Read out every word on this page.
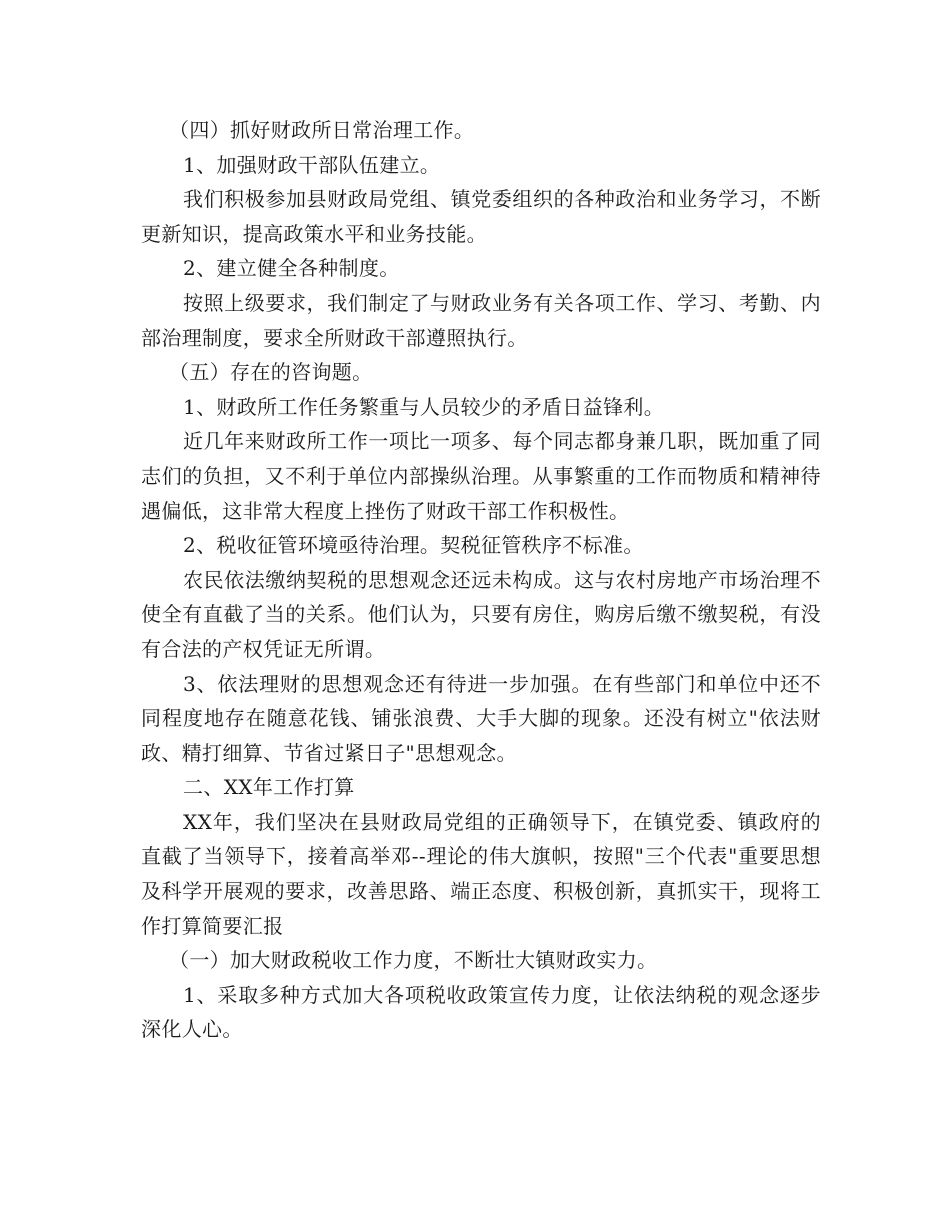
（四）抓好财政所日常治理工作。

1、加强财政干部队伍建立。

我们积极参加县财政局党组、镇党委组织的各种政治和业务学习，不断更新知识，提高政策水平和业务技能。

2、建立健全各种制度。

按照上级要求，我们制定了与财政业务有关各项工作、学习、考勤、内部治理制度，要求全所财政干部遵照执行。

（五）存在的咨询题。

1、财政所工作任务繁重与人员较少的矛盾日益锋利。

近几年来财政所工作一项比一项多、每个同志都身兼几职，既加重了同志们的负担，又不利于单位内部操纵治理。从事繁重的工作而物质和精神待遇偏低，这非常大程度上挫伤了财政干部工作积极性。

2、税收征管环境亟待治理。契税征管秩序不标准。

农民依法缴纳契税的思想观念还远未构成。这与农村房地产市场治理不使全有直截了当的关系。他们认为，只要有房住，购房后缴不缴契税，有没有合法的产权凭证无所谓。

3、依法理财的思想观念还有待进一步加强。在有些部门和单位中还不同程度地存在随意花钱、铺张浪费、大手大脚的现象。还没有树立"依法财政、精打细算、节省过紧日子"思想观念。

二、XX年工作打算

XX年，我们坚决在县财政局党组的正确领导下，在镇党委、镇政府的直截了当领导下，接着高举邓--理论的伟大旗帜，按照"三个代表"重要思想及科学开展观的要求，改善思路、端正态度、积极创新，真抓实干，现将工作打算简要汇报

（一）加大财政税收工作力度，不断壮大镇财政实力。

1、采取多种方式加大各项税收政策宣传力度，让依法纳税的观念逐步深化人心。
